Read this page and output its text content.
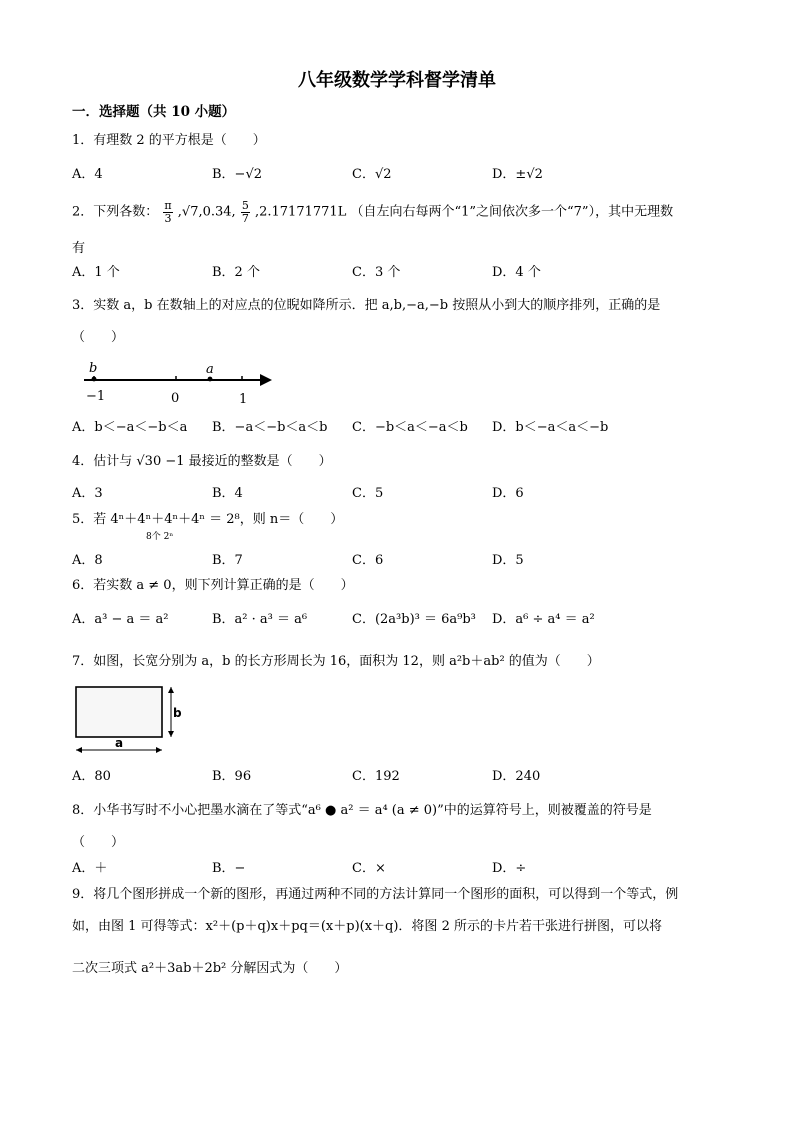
八年级数学学科督学清单
一．选择题（共 10 小题）
1．有理数 2 的平方根是（　　）
A．4	B．−√2	C．√2	D．±√2
2．下列各数： $\frac{\pi}{3} ,√7,0.34$, $\frac{5}{7} ,2.17171771L$ （自左向右每两个“1”之间依次多一个“7”），其中无理数
有
A．1 个	B．2 个	C．3 个	D．4 个
3．实数 a，b 在数轴上的对应点的位睨如降所示．把 a,b,−a,−b 按照从小到大的顺序排列，正确的是
（　　）
b	a
−1	0	1
A．b＜−a＜−b＜a B．−a＜−b＜a＜b C．−b＜a＜−a＜b D．b＜−a＜a＜−b
4．估计与 √30 −1 最接近的整数是（　　）
A．3	B．4	C．5	D．6
5．若 4ⁿ＋4ⁿ＋4ⁿ＋4ⁿ ＝ 2⁸，则 n＝（　　）
8个 2ⁿ
A．8	B．7	C．6	D．5
6．若实数 a ≠ 0，则下列计算正确的是（　　）
A．a³ − a ＝ a²	B．a² · a³ ＝ a⁶	C．(2a³b)³ ＝ 6a⁹b³ D．a⁶ ÷ a⁴ ＝ a²
7．如图，长宽分别为 a，b 的长方形周长为 16，面积为 12，则 a²b＋ab² 的值为（　　）
a
b
A．80	B．96	C．192	D．240
8．小华书写时不小心把墨水滴在了等式“a⁶ ● a² ＝ a⁴ (a ≠ 0)”中的运算符号上，则被覆盖的符号是
（　　）
A．＋	B．−	C．×	D．÷
9．将几个图形拼成一个新的图形，再通过两种不同的方法计算同一个图形的面积，可以得到一个等式，例
如，由图 1 可得等式：x²＋(p＋q)x＋pq＝(x＋p)(x＋q)．将图 2 所示的卡片若干张进行拼图，可以将
二次三项式 a²＋3ab＋2b² 分解因式为（　　）
